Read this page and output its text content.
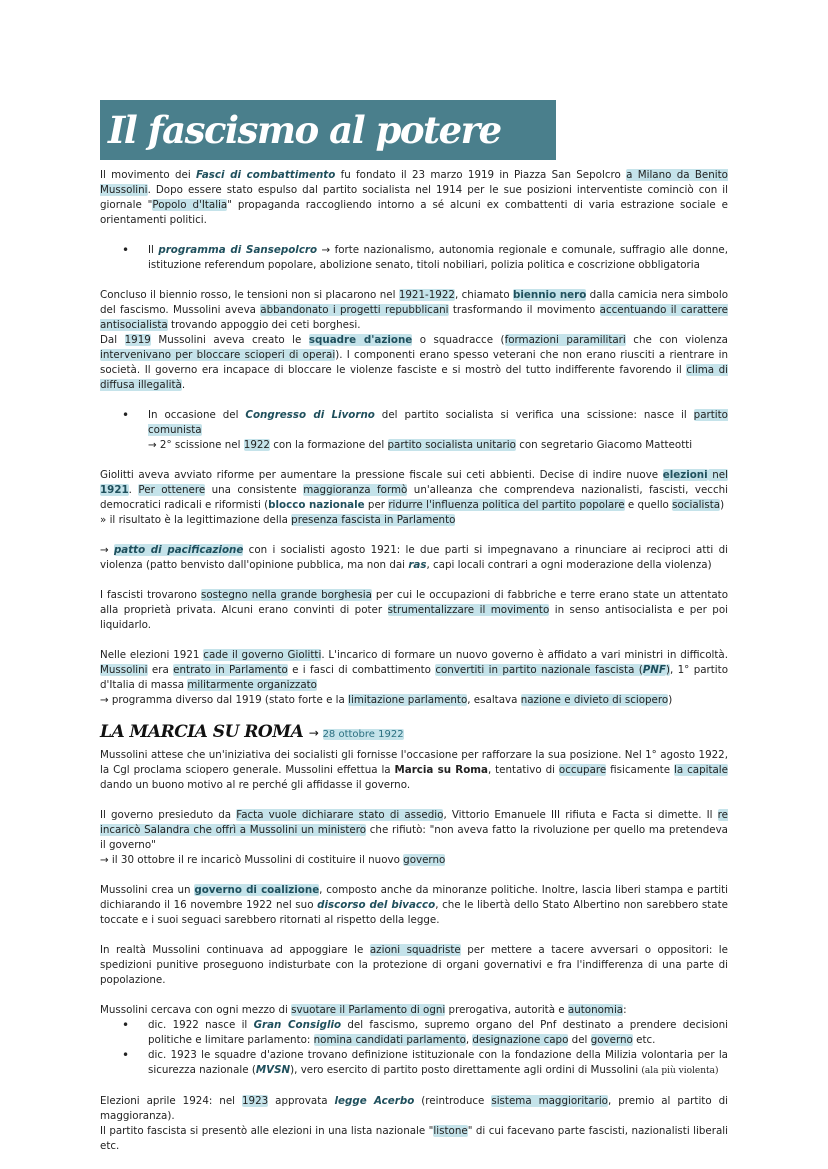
Il fascismo al potere

Il movimento dei Fasci di combattimento fu fondato il 23 marzo 1919 in Piazza San Sepolcro a Milano da Benito Mussolini. Dopo essere stato espulso dal partito socialista nel 1914 per le sue posizioni interventiste cominciò con il giornale "Popolo d'Italia" propaganda raccogliendo intorno a sé alcuni ex combattenti di varia estrazione sociale e orientamenti politici.

• Il programma di Sansepolcro → forte nazionalismo, autonomia regionale e comunale, suffragio alle donne, istituzione referendum popolare, abolizione senato, titoli nobiliari, polizia politica e coscrizione obbligatoria

Concluso il biennio rosso, le tensioni non si placarono nel 1921-1922, chiamato biennio nero dalla camicia nera simbolo del fascismo. Mussolini aveva abbandonato i progetti repubblicani trasformando il movimento accentuando il carattere antisocialista trovando appoggio dei ceti borghesi.

Dal 1919 Mussolini aveva creato le squadre d'azione o squadracce (formazioni paramilitari che con violenza intervenivano per bloccare scioperi di operai). I componenti erano spesso veterani che non erano riusciti a rientrare in società. Il governo era incapace di bloccare le violenze fasciste e si mostrò del tutto indifferente favorendo il clima di diffusa illegalità.

• In occasione del Congresso di Livorno del partito socialista si verifica una scissione: nasce il partito comunista
→ 2° scissione nel 1922 con la formazione del partito socialista unitario con segretario Giacomo Matteotti

Giolitti aveva avviato riforme per aumentare la pressione fiscale sui ceti abbienti. Decise di indire nuove elezioni nel 1921. Per ottenere una consistente maggioranza formò un'alleanza che comprendeva nazionalisti, fascisti, vecchi democratici radicali e riformisti (blocco nazionale per ridurre l'influenza politica del partito popolare e quello socialista)
» il risultato è la legittimazione della presenza fascista in Parlamento

→ patto di pacificazione con i socialisti agosto 1921: le due parti si impegnavano a rinunciare ai reciproci atti di violenza (patto benvisto dall'opinione pubblica, ma non dai ras, capi locali contrari a ogni moderazione della violenza)

I fascisti trovarono sostegno nella grande borghesia per cui le occupazioni di fabbriche e terre erano state un attentato alla proprietà privata. Alcuni erano convinti di poter strumentalizzare il movimento in senso antisocialista e per poi liquidarlo.

Nelle elezioni 1921 cade il governo Giolitti. L'incarico di formare un nuovo governo è affidato a vari ministri in difficoltà. Mussolini era entrato in Parlamento e i fasci di combattimento convertiti in partito nazionale fascista (PNF), 1° partito d'Italia di massa militarmente organizzato
→ programma diverso dal 1919 (stato forte e la limitazione parlamento, esaltava nazione e divieto di sciopero)

LA MARCIA SU ROMA → 28 ottobre 1922

Mussolini attese che un'iniziativa dei socialisti gli fornisse l'occasione per rafforzare la sua posizione. Nel 1° agosto 1922, la Cgl proclama sciopero generale. Mussolini effettua la Marcia su Roma, tentativo di occupare fisicamente la capitale dando un buono motivo al re perché gli affidasse il governo.

Il governo presieduto da Facta vuole dichiarare stato di assedio, Vittorio Emanuele III rifiuta e Facta si dimette. Il re incaricò Salandra che offrì a Mussolini un ministero che rifiutò: "non aveva fatto la rivoluzione per quello ma pretendeva il governo"
→ il 30 ottobre il re incaricò Mussolini di costituire il nuovo governo

Mussolini crea un governo di coalizione, composto anche da minoranze politiche. Inoltre, lascia liberi stampa e partiti dichiarando il 16 novembre 1922 nel suo discorso del bivacco, che le libertà dello Stato Albertino non sarebbero state toccate e i suoi seguaci sarebbero ritornati al rispetto della legge.

In realtà Mussolini continuava ad appoggiare le azioni squadriste per mettere a tacere avversari o oppositori: le spedizioni punitive proseguono indisturbate con la protezione di organi governativi e fra l'indifferenza di una parte di popolazione.

Mussolini cercava con ogni mezzo di svuotare il Parlamento di ogni prerogativa, autorità e autonomia:

• dic. 1922 nasce il Gran Consiglio del fascismo, supremo organo del Pnf destinato a prendere decisioni politiche e limitare parlamento: nomina candidati parlamento, designazione capo del governo etc.
• dic. 1923 le squadre d'azione trovano definizione istituzionale con la fondazione della Milizia volontaria per la sicurezza nazionale (MVSN), vero esercito di partito posto direttamente agli ordini di Mussolini (ala più violenta)

Elezioni aprile 1924: nel 1923 approvata legge Acerbo (reintroduce sistema maggioritario, premio al partito di maggioranza).
Il partito fascista si presentò alle elezioni in una lista nazionale "listone" di cui facevano parte fascisti, nazionalisti liberali etc.
